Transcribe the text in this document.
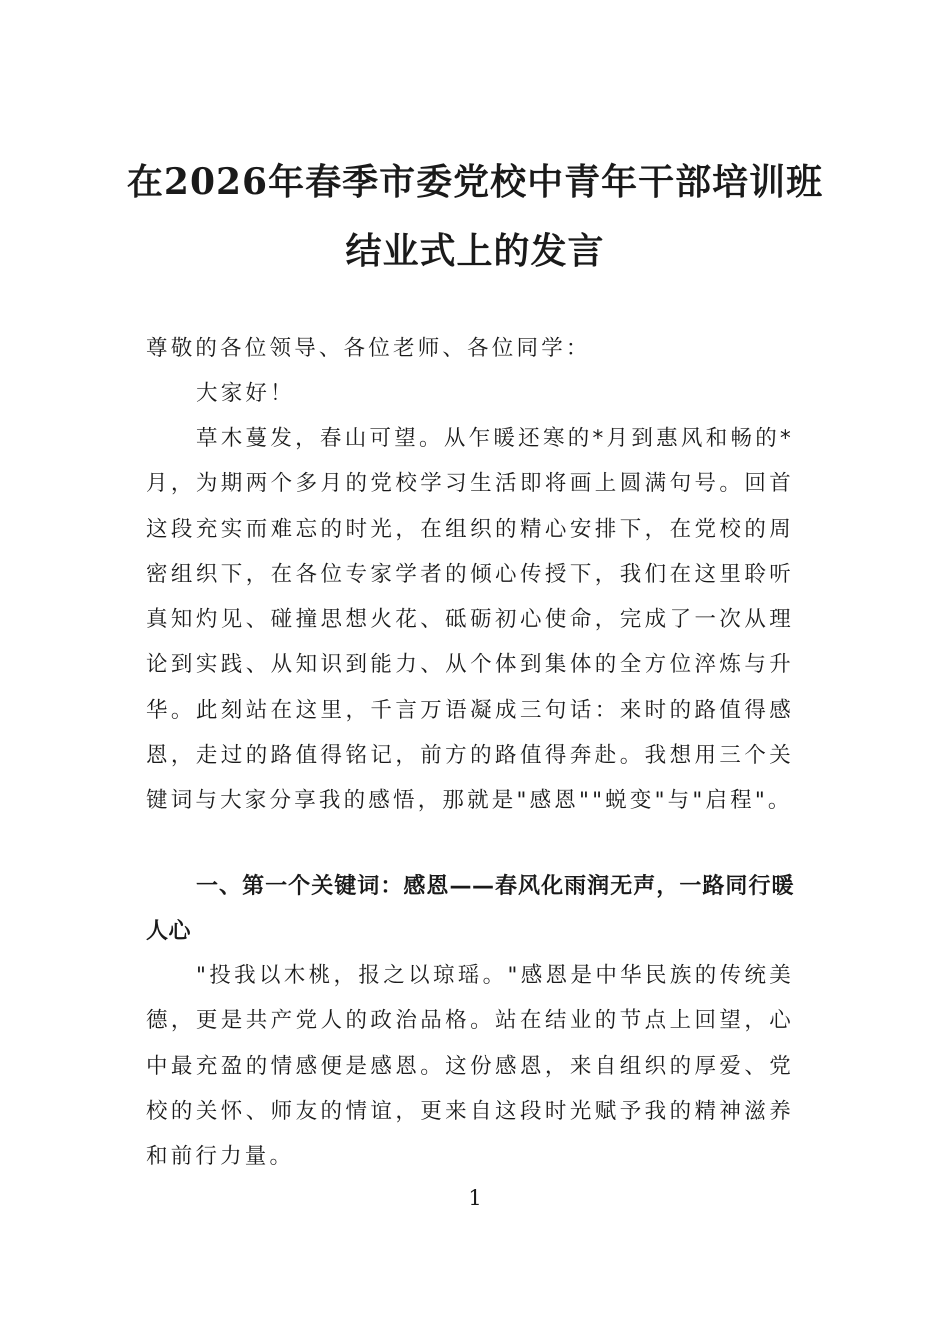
在2026年春季市委党校中青年干部培训班
结业式上的发言

尊敬的各位领导、各位老师、各位同学：

大家好！

草木蔓发，春山可望。从乍暖还寒的*月到惠风和畅的*月，为期两个多月的党校学习生活即将画上圆满句号。回首这段充实而难忘的时光，在组织的精心安排下，在党校的周密组织下，在各位专家学者的倾心传授下，我们在这里聆听真知灼见、碰撞思想火花、砥砺初心使命，完成了一次从理论到实践、从知识到能力、从个体到集体的全方位淬炼与升华。此刻站在这里，千言万语凝成三句话：来时的路值得感恩，走过的路值得铭记，前方的路值得奔赴。我想用三个关键词与大家分享我的感悟，那就是"感恩""蜕变"与"启程"。

一、第一个关键词：感恩——春风化雨润无声，一路同行暖人心

"投我以木桃，报之以琼瑶。"感恩是中华民族的传统美德，更是共产党人的政治品格。站在结业的节点上回望，心中最充盈的情感便是感恩。这份感恩，来自组织的厚爱、党校的关怀、师友的情谊，更来自这段时光赋予我的精神滋养和前行力量。

1
